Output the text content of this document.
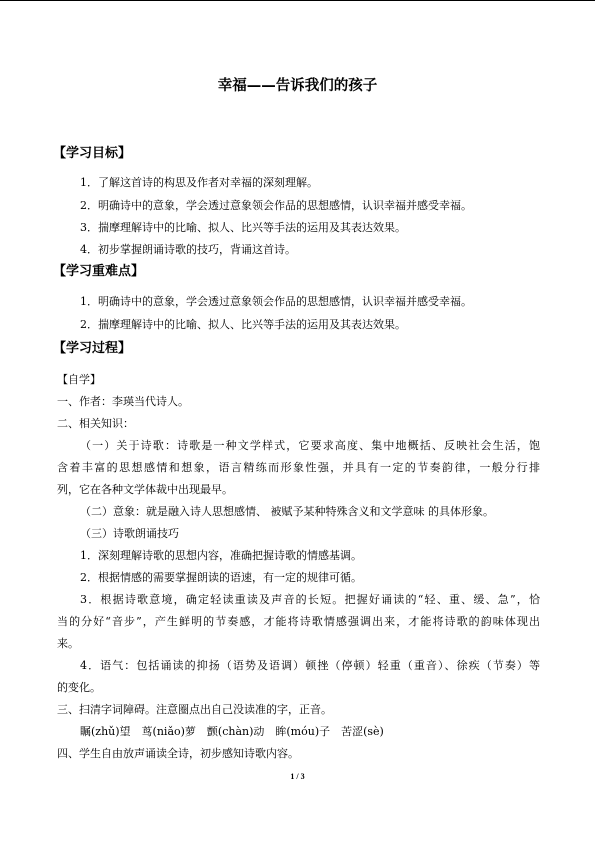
幸福——告诉我们的孩子
【学习目标】
1．了解这首诗的构思及作者对幸福的深刻理解。
2．明确诗中的意象，学会透过意象领会作品的思想感情，认识幸福并感受幸福。
3．揣摩理解诗中的比喻、拟人、比兴等手法的运用及其表达效果。
4．初步掌握朗诵诗歌的技巧，背诵这首诗。
【学习重难点】
1．明确诗中的意象，学会透过意象领会作品的思想感情，认识幸福并感受幸福。
2．揣摩理解诗中的比喻、拟人、比兴等手法的运用及其表达效果。
【学习过程】
【自学】
一、作者：李瑛当代诗人。
二、相关知识：
（一）关于诗歌：诗歌是一种文学样式，它要求高度、集中地概括、反映社会生活，饱
含着丰富的思想感情和想象，语言精练而形象性强，并具有一定的节奏韵律，一般分行排
列，它在各种文学体裁中出现最早。
（二）意象：就是融入诗人思想感情、 被赋予某种特殊含义和文学意味 的具体形象。
（三）诗歌朗诵技巧
1．深刻理解诗歌的思想内容，准确把握诗歌的情感基调。
2．根据情感的需要掌握朗读的语速，有一定的规律可循。
3．根据诗歌意境，确定轻读重读及声音的长短。把握好诵读的“轻、重、缓、急”，恰
当的分好“音步”，产生鲜明的节奏感，才能将诗歌情感强调出来，才能将诗歌的韵味体现出
来。
4．语气：包括诵读的抑扬（语势及语调）顿挫（停顿）轻重（重音）、徐疾（节奏）等
的变化。
三、扫清字词障碍。注意圈点出自己没读准的字，正音。
瞩(zhǔ)望　茑(niǎo)萝　颤(chàn)动　眸(móu)子　苦涩(sè)
四、学生自由放声诵读全诗，初步感知诗歌内容。
1 / 3
